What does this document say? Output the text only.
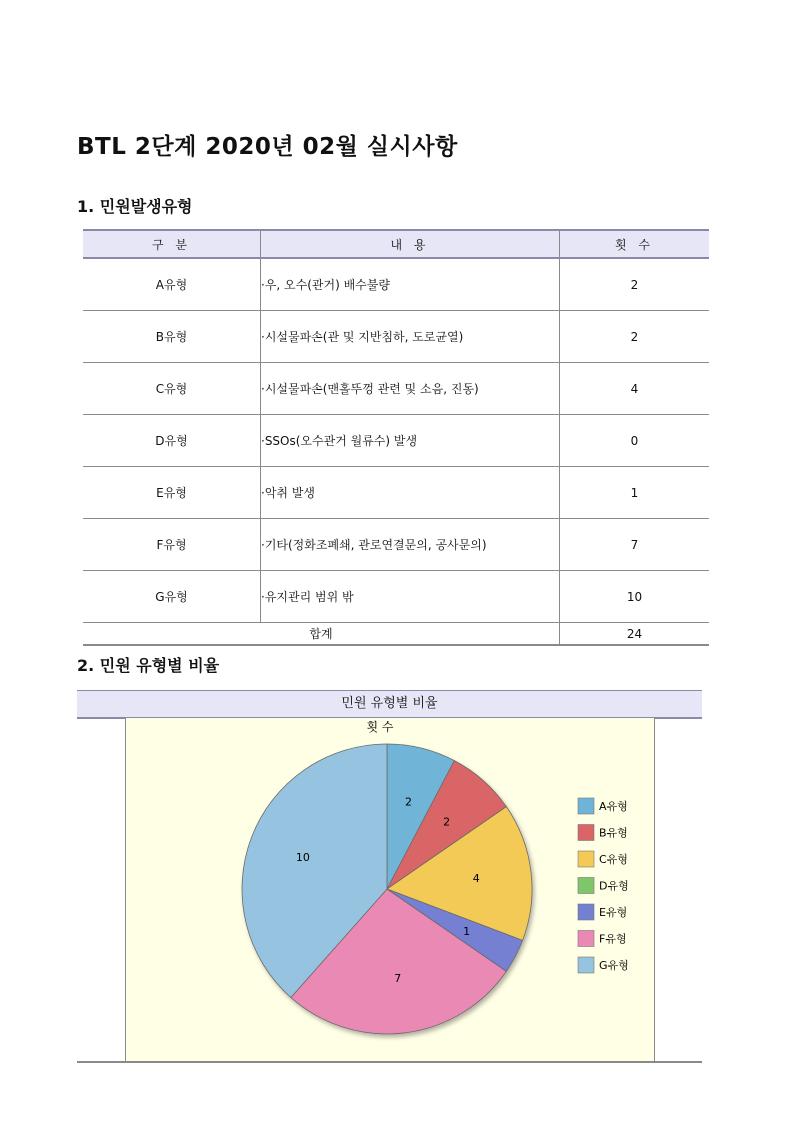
BTL 2단계 2020년 02월 실시사항
1. 민원발생유형
구 분	내 용	횟 수
A유형	·우, 오수(관거) 배수불량	2
B유형	·시설물파손(관 및 지반침하, 도로균열)	2
C유형	·시설물파손(맨홀뚜껑 관련 및 소음, 진동)	4
D유형	·SSOs(오수관거 월류수) 발생	0
E유형	·악취 발생	1
F유형	·기타(정화조폐쇄, 관로연결문의, 공사문의)	7
G유형	·유지관리 범위 밖	10
합계		24
2. 민원 유형별 비율
민원 유형별 비율
횟 수
2
2
4
1
7
10
A유형
B유형
C유형
D유형
E유형
F유형
G유형
